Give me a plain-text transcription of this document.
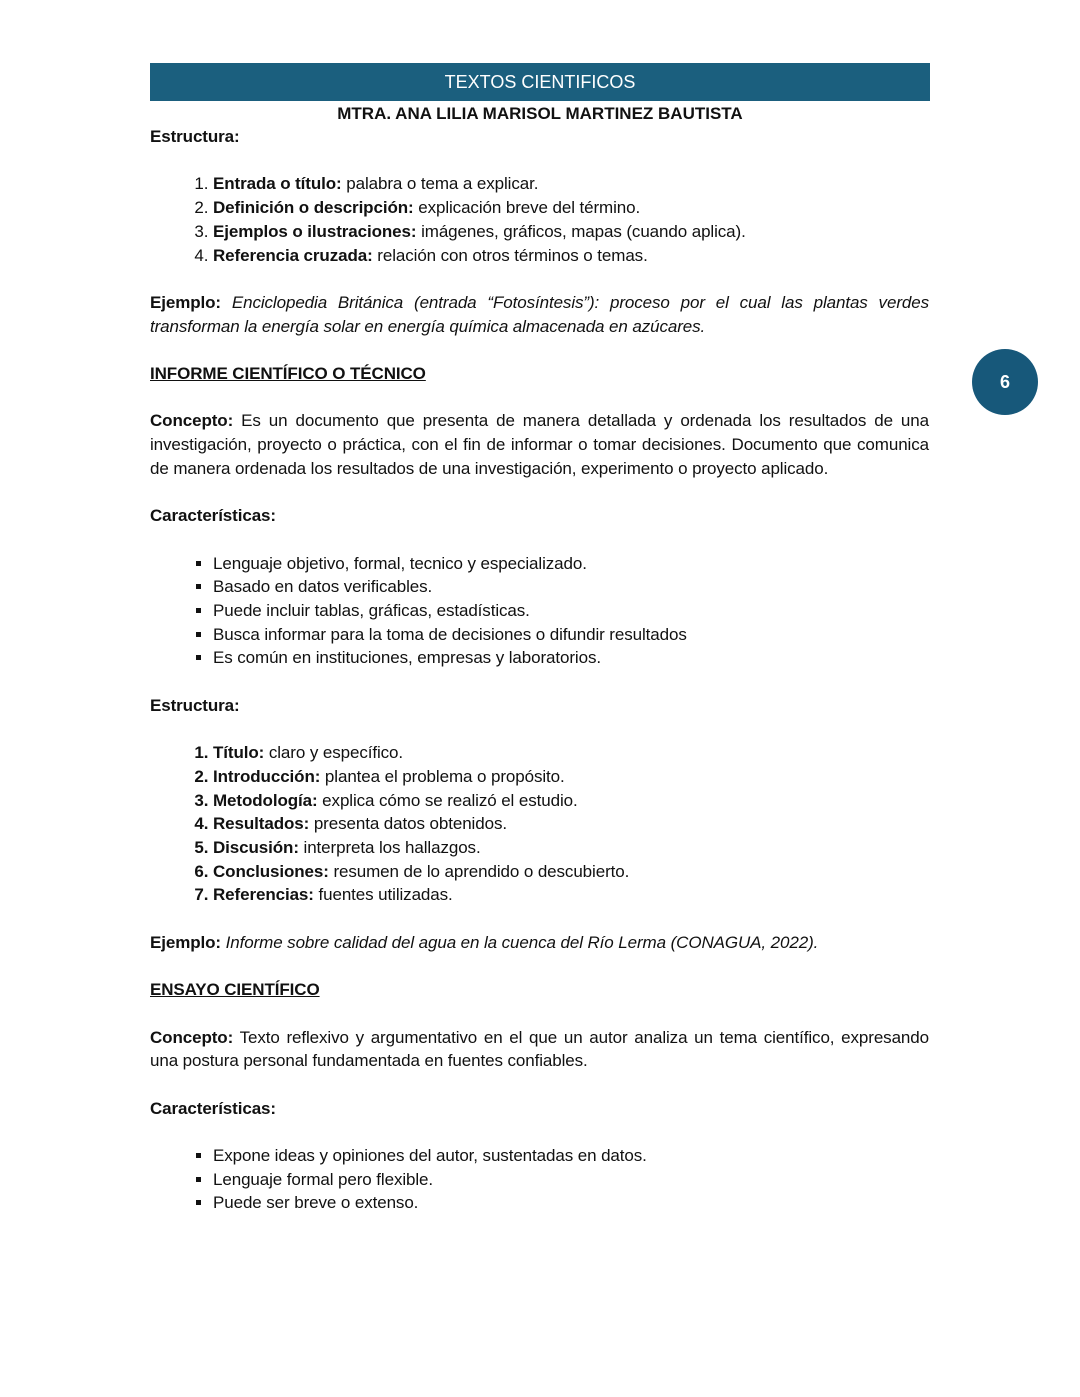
TEXTOS CIENTIFICOS
MTRA. ANA LILIA MARISOL MARTINEZ BAUTISTA
6

Estructura:

1. Entrada o título: palabra o tema a explicar.
2. Definición o descripción: explicación breve del término.
3. Ejemplos o ilustraciones: imágenes, gráficos, mapas (cuando aplica).
4. Referencia cruzada: relación con otros términos o temas.

Ejemplo: Enciclopedia Británica (entrada “Fotosíntesis”): proceso por el cual las plantas verdes transforman la energía solar en energía química almacenada en azúcares.

INFORME CIENTÍFICO O TÉCNICO

Concepto: Es un documento que presenta de manera detallada y ordenada los resultados de una investigación, proyecto o práctica, con el fin de informar o tomar decisiones. Documento que comunica de manera ordenada los resultados de una investigación, experimento o proyecto aplicado.

Características:

▪ Lenguaje objetivo, formal, tecnico y especializado.
▪ Basado en datos verificables.
▪ Puede incluir tablas, gráficas, estadísticas.
▪ Busca informar para la toma de decisiones o difundir resultados
▪ Es común en instituciones, empresas y laboratorios.

Estructura:

1. Título: claro y específico.
2. Introducción: plantea el problema o propósito.
3. Metodología: explica cómo se realizó el estudio.
4. Resultados: presenta datos obtenidos.
5. Discusión: interpreta los hallazgos.
6. Conclusiones: resumen de lo aprendido o descubierto.
7. Referencias: fuentes utilizadas.

Ejemplo: Informe sobre calidad del agua en la cuenca del Río Lerma (CONAGUA, 2022).

ENSAYO CIENTÍFICO

Concepto: Texto reflexivo y argumentativo en el que un autor analiza un tema científico, expresando una postura personal fundamentada en fuentes confiables.

Características:

▪ Expone ideas y opiniones del autor, sustentadas en datos.
▪ Lenguaje formal pero flexible.
▪ Puede ser breve o extenso.
